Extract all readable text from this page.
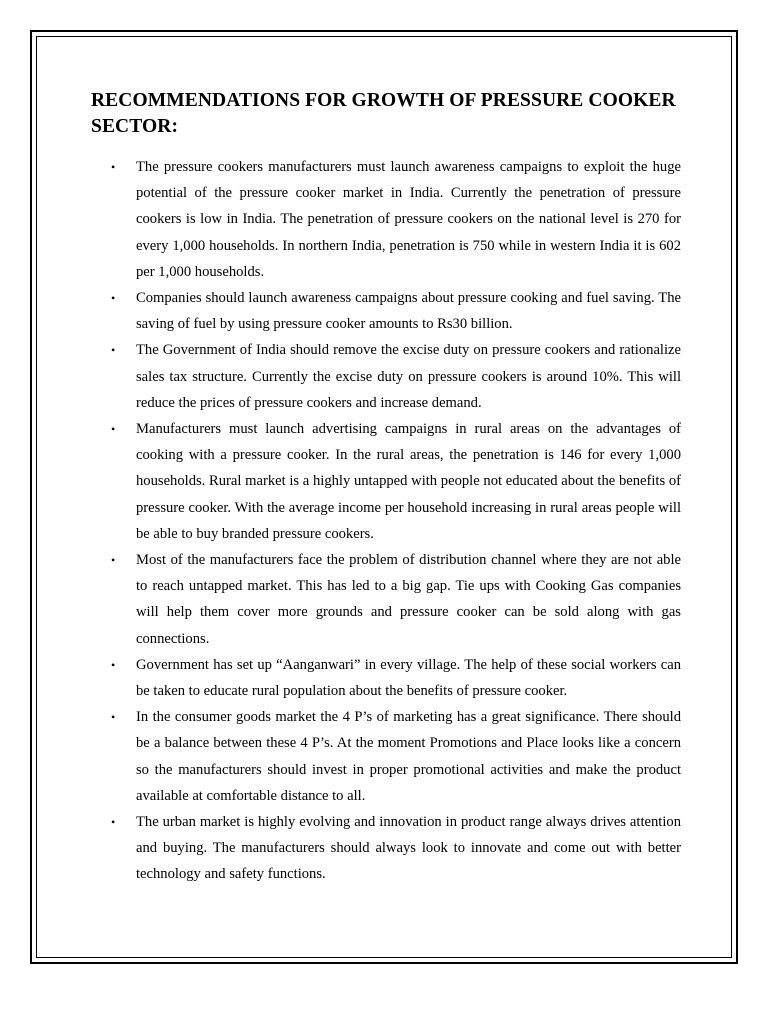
RECOMMENDATIONS FOR GROWTH OF PRESSURE COOKER SECTOR:
• The pressure cookers manufacturers must launch awareness campaigns to exploit the huge potential of the pressure cooker market in India. Currently the penetration of pressure cookers is low in India. The penetration of pressure cookers on the national level is 270 for every 1,000 households. In northern India, penetration is 750 while in western India it is 602 per 1,000 households.
• Companies should launch awareness campaigns about pressure cooking and fuel saving. The saving of fuel by using pressure cooker amounts to Rs30 billion.
• The Government of India should remove the excise duty on pressure cookers and rationalize sales tax structure. Currently the excise duty on pressure cookers is around 10%. This will reduce the prices of pressure cookers and increase demand.
• Manufacturers must launch advertising campaigns in rural areas on the advantages of cooking with a pressure cooker. In the rural areas, the penetration is 146 for every 1,000 households. Rural market is a highly untapped with people not educated about the benefits of pressure cooker. With the average income per household increasing in rural areas people will be able to buy branded pressure cookers.
• Most of the manufacturers face the problem of distribution channel where they are not able to reach untapped market. This has led to a big gap. Tie ups with Cooking Gas companies will help them cover more grounds and pressure cooker can be sold along with gas connections.
• Government has set up “Aanganwari” in every village. The help of these social workers can be taken to educate rural population about the benefits of pressure cooker.
• In the consumer goods market the 4 P’s of marketing has a great significance. There should be a balance between these 4 P’s. At the moment Promotions and Place looks like a concern so the manufacturers should invest in proper promotional activities and make the product available at comfortable distance to all.
• The urban market is highly evolving and innovation in product range always drives attention and buying. The manufacturers should always look to innovate and come out with better technology and safety functions.
